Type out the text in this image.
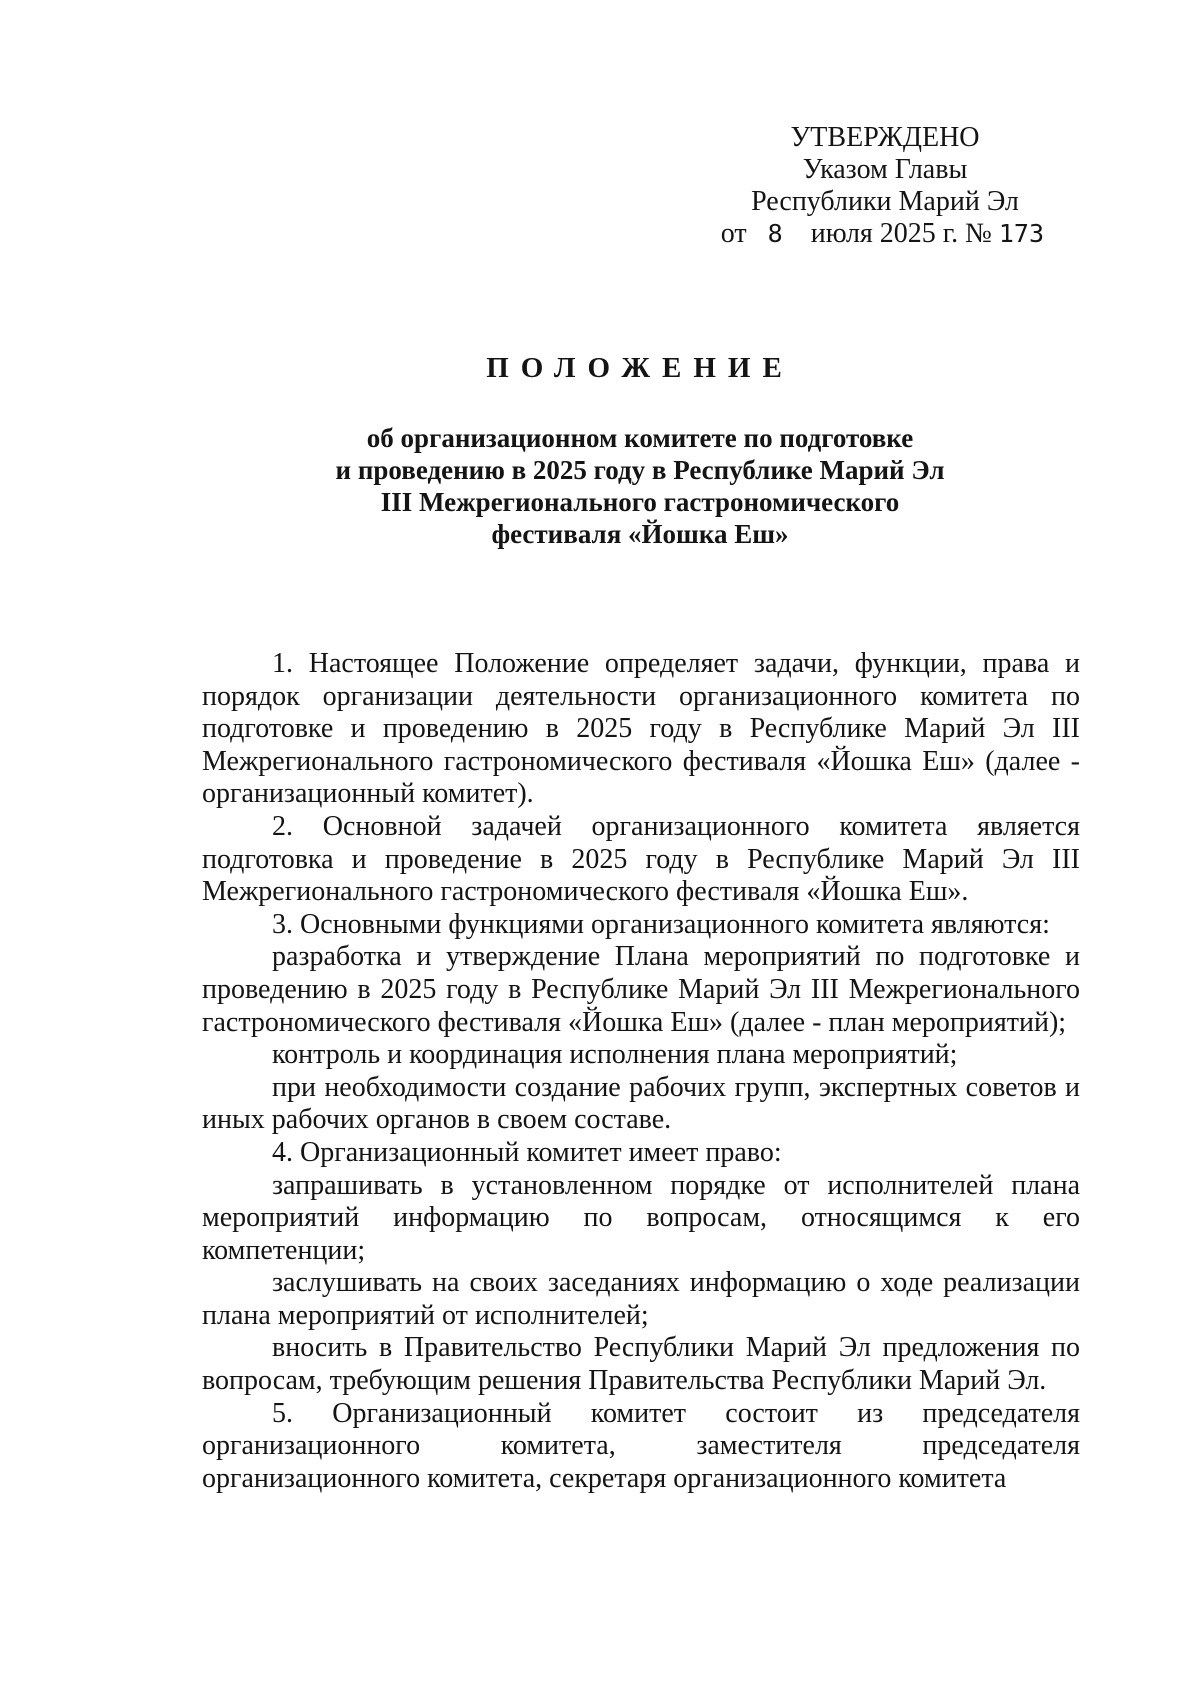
УТВЕРЖДЕНО
Указом Главы
Республики Марий Эл
от 8 июля 2025 г. № 173
ПОЛОЖЕНИЕ
об организационном комитете по подготовке
и проведению в 2025 году в Республике Марий Эл
III Межрегионального гастрономического
фестиваля «Йошка Еш»

1. Настоящее Положение определяет задачи, функции, права и порядок организации деятельности организационного комитета по подготовке и проведению в 2025 году в Республике Марий Эл III Межрегионального гастрономического фестиваля «Йошка Еш» (далее - организационный комитет).

2. Основной задачей организационного комитета является подготовка и проведение в 2025 году в Республике Марий Эл III Межрегионального гастрономического фестиваля «Йошка Еш».

3. Основными функциями организационного комитета являются:

разработка и утверждение Плана мероприятий по подготовке и проведению в 2025 году в Республике Марий Эл III Межрегионального гастрономического фестиваля «Йошка Еш» (далее - план мероприятий);

контроль и координация исполнения плана мероприятий;

при необходимости создание рабочих групп, экспертных советов и иных рабочих органов в своем составе.

4. Организационный комитет имеет право:

запрашивать в установленном порядке от исполнителей плана мероприятий информацию по вопросам, относящимся к его компетенции;

заслушивать на своих заседаниях информацию о ходе реализации плана мероприятий от исполнителей;

вносить в Правительство Республики Марий Эл предложения по вопросам, требующим решения Правительства Республики Марий Эл.

5. Организационный комитет состоит из председателя организационного комитета, заместителя председателя организационного комитета, секретаря организационного комитета
